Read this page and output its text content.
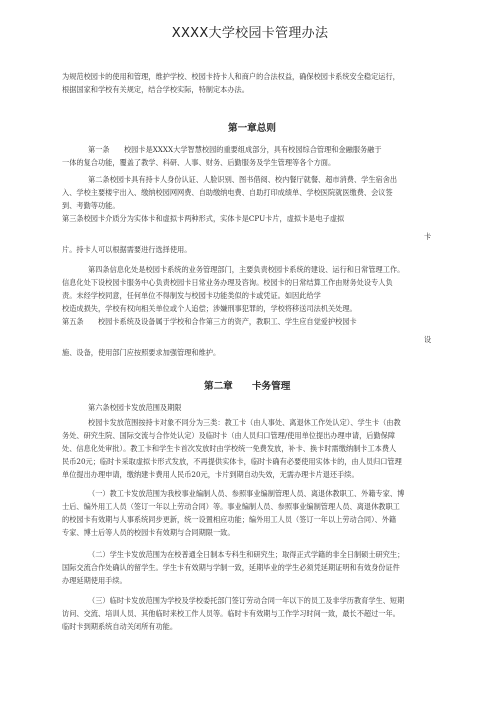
XXXX大学校园卡管理办法
为规范校园卡的使用和管理，维护学校、校园卡持卡人和商户的合法权益，确保校园卡系统安全稳定运行，
根据国家和学校有关规定，结合学校实际，特制定本办法。
第一章总则
第一条　　校园卡是XXXX大学智慧校园的重要组成部分，具有校园综合管理和金融服务融于
一体的复合功能，覆盖了教学、科研、人事、财务、后勤服务及学生管理等各个方面。
第二条校园卡具有持卡人身份认证、人脸识别、图书借阅、校内餐厅就餐、超市消费、学生宿舍出
入、学校主要楼宇出入、缴纳校园网网费、自助缴纳电费、自助打印成绩单、学校医院就医缴费、会议签
到、考勤等功能。
第三条校园卡介质分为实体卡和虚拟卡两种形式，实体卡是CPU卡片，虚拟卡是电子虚拟
卡
片。持卡人可以根据需要进行选择使用。
第四条信息化处是校园卡系统的业务管理部门，主要负责校园卡系统的建设、运行和日常管理工作。
信息化处下设校园卡服务中心负责校园卡日常业务办理及咨询。校园卡的日常结算工作由财务处设专人负
责。未经学校同意，任何单位不得制发与校园卡功能类似的卡或凭证。如因此给学
校造成损失，学校有权向相关单位或个人追偿；涉嫌刑事犯罪的，学校将移送司法机关处理。
第五条　　校园卡系统及设备属于学校和合作第三方的资产，教职工、学生应自觉爱护校园卡
设
施、设备，使用部门应按照要求加强管理和维护。
第二章　　卡务管理
第六条校园卡发放范围及期限
校园卡发放范围按持卡对象不同分为三类：教工卡（由人事处、离退休工作处认定）、学生卡（由教
务处、研究生院、国际交流与合作处认定）及临时卡（由人员归口管理/使用单位提出办理申请，后勤保障
处、信息化处审批）。教工卡和学生卡首次发放时由学校统一免费发放，补卡、换卡时需缴纳制卡工本费人
民币20元；临时卡采取虚拟卡形式发放，不再提供实体卡，临时卡确有必要使用实体卡的，由人员归口管理
单位提出办理申请，缴纳建卡费用人民币20元，卡片到期自动失效，无需办理卡片退还手续。
（一）教工卡发放范围为我校事业编制人员、参照事业编制管理人员、离退休教职工、外籍专家、博
士后、编外用工人员（签订一年以上劳动合同）等。事业编制人员、参照事业编制管理人员、离退休教职工
的校园卡有效期与人事系统同步更新，统一设置相应功能；编外用工人员（签订一年以上劳动合同）、外籍
专家、博士后等人员的校园卡有效期与合同期限一致。
（二）学生卡发放范围为在校普通全日制本专科生和研究生；取得正式学籍的非全日制硕士研究生；
国际交流合作处确认的留学生。学生卡有效期与学制一致，延期毕业的学生必须凭延期证明和有效身份证件
办理延期使用手续。
（三）临时卡发放范围为学校及学校委托部门签订劳动合同一年以下的员工及非学历教育学生、短期
访问、交流、培训人员、其他临时来校工作人员等。临时卡有效期与工作学习时间一致，最长不超过一年。
临时卡到期系统自动关闭所有功能。
